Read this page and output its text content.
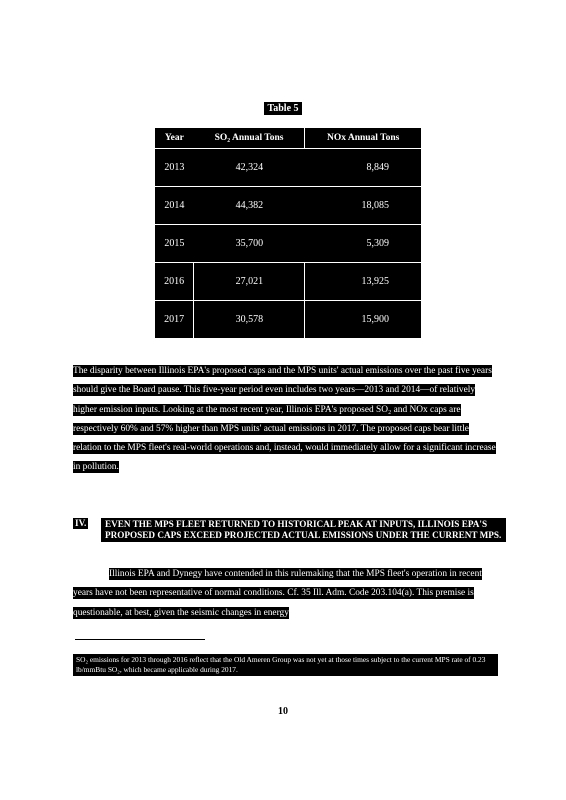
Table 5
Year	SO₂ Annual Tons	NOx Annual Tons
2013	42,324	8,849
2014	44,382	18,085
2015	35,700	5,309
2016	27,021	13,925
2017	30,578	15,900
The disparity between Illinois EPA's proposed caps and the MPS units' actual emissions over the past five years should give the Board pause. This five-year period even includes two years—2013 and 2014—of relatively higher emission inputs. Looking at the most recent year, Illinois EPA's proposed SO₂ and NOx caps are respectively 60% and 57% higher than MPS units' actual emissions in 2017. The proposed caps bear little relation to the MPS fleet's real-world operations and, instead, would immediately allow for a significant increase in pollution.
IV.	EVEN THE MPS FLEET RETURNED TO HISTORICAL PEAK AT INPUTS, ILLINOIS EPA'S PROPOSED CAPS EXCEED PROJECTED ACTUAL EMISSIONS UNDER THE CURRENT MPS.
Illinois EPA and Dynegy have contended in this rulemaking that the MPS fleet's operation in recent years have not been representative of normal conditions. Cf. 35 Ill. Adm. Code 203.104(a). This premise is questionable, at best, given the seismic changes in energy
SO₂ emissions for 2013 through 2016 reflect that the Old Ameren Group was not yet at those times subject to the current MPS rate of 0.23 lb/mmBtu SO₂, which became applicable during 2017.
10
